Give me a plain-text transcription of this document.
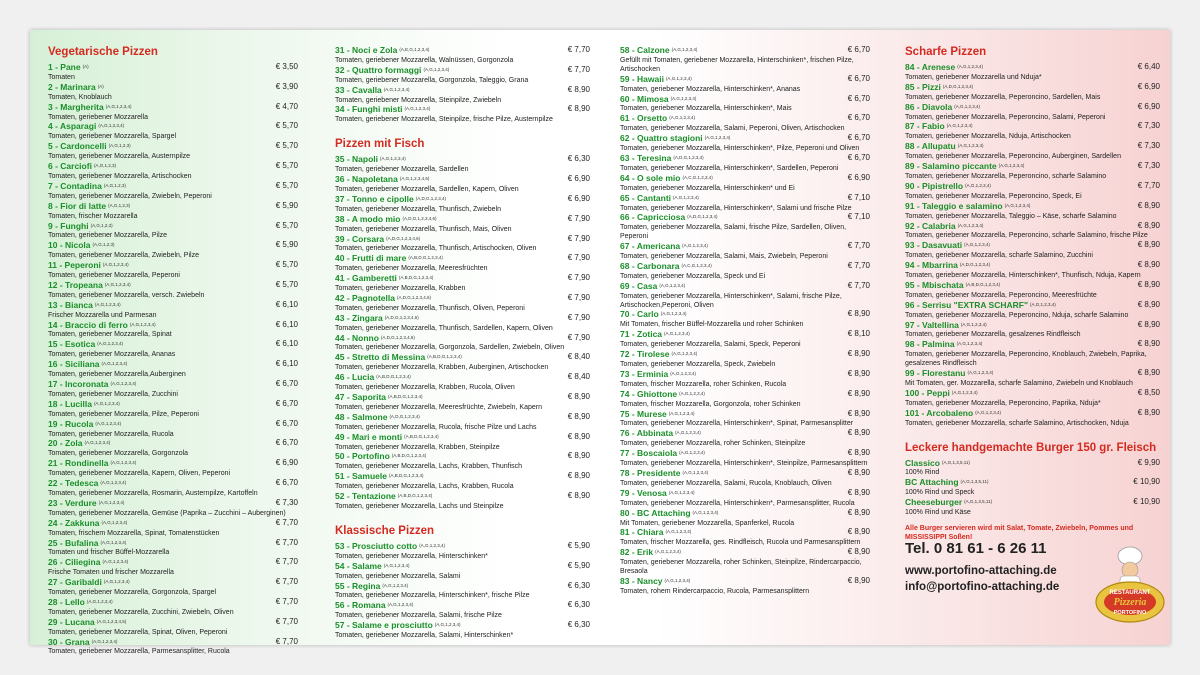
Vegetarische Pizzen
1 - Pane $^{(A)}$	€ 3,50
Tomaten
2 - Marinara $^{(A)}$	€ 3,90
Tomaten, Knoblauch
3 - Margherita $^{(A,G,1,2,3,4)}$	€ 4,70
Tomaten, geriebener Mozzarella
4 - Asparagi $^{(A,G,1,2,3,4)}$	€ 5,70
Tomaten, geriebener Mozzarella, Spargel
5 - Cardoncelli $^{(A,G,1,2,3)}$	€ 5,70
Tomaten, geriebener Mozzarella, Austernpilze
6 - Carciofi $^{(A,G,1,2,3)}$	€ 5,70
Tomaten, geriebener Mozzarella, Artischocken
7 - Contadina $^{(A,G,1,2,3)}$	€ 5,70
Tomaten, geriebener Mozzarella, Zwiebeln, Peperoni
8 - Fior di latte $^{(A,G,1,2,3)}$	€ 5,90
Tomaten, frischer Mozzarella
9 - Funghi $^{(A,G,1,2,3)}$	€ 5,70
Tomaten, geriebener Mozzarella, Pilze
10 - Nicola $^{(A,G,1,2,3)}$	€ 5,90
Tomaten, geriebener Mozzarella, Zwiebeln, Pilze
11 - Peperoni $^{(A,G,1,2,3,4)}$	€ 5,70
Tomaten, geriebener Mozzarella, Peperoni
12 - Tropeana $^{(A,G,1,2,3,4)}$	€ 5,70
Tomaten, geriebener Mozzarella, versch. Zwiebeln
13 - Bianca $^{(A,G,1,2,3,4)}$	€ 6,10
Frischer Mozzarella und Parmesan
14 - Braccio di ferro $^{(A,G,1,2,3,4)}$	€ 6,10
Tomaten, geriebener Mozzarella, Spinat
15 - Esotica $^{(A,G,1,2,3,4)}$	€ 6,10
Tomaten, geriebener Mozzarella, Ananas
16 - Siciliana $^{(A,G,1,2,3,4)}$	€ 6,10
Tomaten, geriebener Mozzarella,Auberginen
17 - Incoronata $^{(A,G,1,2,3,4)}$	€ 6,70
Tomaten, geriebener Mozzarella, Zucchini
18 - Lucilla $^{(A,G,1,2,3,4)}$	€ 6,70
Tomaten, geriebener Mozzarella, Pilze, Peperoni
19 - Rucola $^{(A,G,1,2,3,4)}$	€ 6,70
Tomaten, geriebener Mozzarella, Rucola
20 - Zola $^{(A,G,1,2,3,4)}$	€ 6,70
Tomaten, geriebener Mozzarella, Gorgonzola
21 - Rondinella $^{(A,G,1,2,3,4)}$	€ 6,90
Tomaten, geriebener Mozzarella, Kapern, Oliven, Peperoni
22 - Tedesca $^{(A,G,1,2,3,4)}$	€ 6,70
Tomaten, geriebener Mozzarella, Rosmarin, Austernpilze, Kartoffeln
23 - Verdure $^{(A,G,1,2,3,4)}$	€ 7,30
Tomaten, geriebener Mozzarella, Gemüse (Paprika – Zucchini – Auberginen)
24 - Zakkuna $^{(A,G,1,2,3,4)}$	€ 7,70
Tomaten, frischem Mozzarella, Spinat, Tomatenstücken
25 - Bufalina $^{(A,G,1,2,3,4)}$	€ 7,70
Tomaten und frischer Büffel-Mozzarella
26 - Ciliegina $^{(A,G,1,2,3,4)}$	€ 7,70
Frische Tomaten und frischer Mozzarella
27 - Garibaldi $^{(A,G,1,2,3,4)}$	€ 7,70
Tomaten, geriebener Mozzarella, Gorgonzola, Spargel
28 - Lello $^{(A,G,1,2,3,4)}$	€ 7,70
Tomaten, geriebener Mozzarella, Zucchini, Zwiebeln, Oliven
29 - Lucana $^{(A,G,1,2,3,4,5)}$	€ 7,70
Tomaten, geriebener Mozzarella, Spinat, Oliven, Peperoni
30 - Grana $^{(A,G,1,2,3,4)}$	€ 7,70
Tomaten, geriebener Mozzarella, Parmesansplitter, Rucola
31 - Noci e Zola $^{(A,E,G,1,2,3,4)}$	€ 7,70
Tomaten, geriebener Mozzarella, Walnüssen, Gorgonzola
32 - Quattro formaggi $^{(A,G,1,2,3,4)}$	€ 7,70
Tomaten, geriebener Mozzarella, Gorgonzola, Taleggio, Grana
33 - Cavalla $^{(A,G,1,2,3,4)}$	€ 8,90
Tomaten, geriebener Mozzarella, Steinpilze, Zwiebeln
34 - Funghi misti $^{(A,G,1,2,3,4)}$	€ 8,90
Tomaten, geriebener Mozzarella, Steinpilze, frische Pilze, Austernpilze
Pizzen mit Fisch
35 - Napoli $^{(A,G,1,2,3,4)}$	€ 6,30
Tomaten, geriebener Mozzarella, Sardellen
36 - Napoletana $^{(A,G,1,2,3,4,6)}$	€ 6,90
Tomaten, geriebener Mozzarella, Sardellen, Kapern, Oliven
37 - Tonno e cipolle $^{(A,D,G,1,2,3,4)}$	€ 6,90
Tomaten, geriebener Mozzarella, Thunfisch, Zwiebeln
38 - A modo mio $^{(A,D,G,1,2,3,4,6)}$	€ 7,90
Tomaten, geriebener Mozzarella, Thunfisch, Mais, Oliven
39 - Corsara $^{(A,D,G,1,2,3,4,6)}$	€ 7,90
Tomaten, geriebener Mozzarella, Thunfisch, Artischocken, Oliven
40 - Frutti di mare $^{(A,B,D,G,1,2,3,4)}$	€ 7,90
Tomaten, geriebener Mozzarella, Meeresfrüchten
41 - Gamberetti $^{(A,B,D,G,1,2,3,4)}$	€ 7,90
Tomaten, geriebener Mozzarella, Krabben
42 - Pagnotella $^{(A,D,G,1,2,3,4,6)}$	€ 7,90
Tomaten, geriebener Mozzarella, Thunfisch, Oliven, Peperoni
43 - Zingara $^{(A,D,G,1,2,3,4,6)}$	€ 7,90
Tomaten, geriebener Mozzarella, Thunfisch, Sardellen, Kapern, Oliven
44 - Nonno $^{(A,D,G,1,2,3,4,6)}$	€ 7,90
Tomaten, geriebener Mozzarella, Gorgonzola, Sardellen, Zwiebeln, Oliven
45 - Stretto di Messina $^{(A,B,D,G,1,2,3,4)}$	€ 8,40
Tomaten, geriebener Mozzarella, Krabben, Auberginen, Artischocken
46 - Lucia $^{(A,B,D,G,1,2,3,4)}$	€ 8,40
Tomaten, geriebener Mozzarella, Krabben, Rucola, Oliven
47 - Saporita $^{(A,B,D,G,1,2,3,4)}$	€ 8,90
Tomaten, geriebener Mozzarella, Meeresfrüchte, Zwiebeln, Kapern
48 - Salmone $^{(A,D,G,1,2,3,4)}$	€ 8,90
Tomaten, geriebener Mozzarella, Rucola, frische Pilze und Lachs
49 - Mari e monti $^{(A,B,D,G,1,2,3,4)}$	€ 8,90
Tomaten, geriebener Mozzarella, Krabben, Steinpilze
50 - Portofino $^{(A,B,D,G,1,2,3,4)}$	€ 8,90
Tomaten, geriebener Mozzarella, Lachs, Krabben, Thunfisch
51 - Samuele $^{(A,B,D,G,1,2,3,4)}$	€ 8,90
Tomaten, geriebener Mozzarella, Lachs, Krabben, Rucola
52 - Tentazione $^{(A,B,D,G,1,2,3,4)}$	€ 8,90
Tomaten, geriebener Mozzarella, Lachs und Steinpilze
Klassische Pizzen
53 - Prosciutto cotto $^{(A,G,1,2,3,4)}$	€ 5,90
Tomaten, geriebener Mozzarella, Hinterschinken*
54 - Salame $^{(A,G,1,2,3,4)}$	€ 5,90
Tomaten, geriebener Mozzarella, Salami
55 - Regina $^{(A,G,1,2,3,4)}$	€ 6,30
Tomaten, geriebener Mozzarella, Hinterschinken*, frische Pilze
56 - Romana $^{(A,G,1,2,3,4)}$	€ 6,30
Tomaten, geriebener Mozzarella, Salami, frische Pilze
57 - Salame e prosciutto $^{(A,G,1,2,3,4)}$	€ 6,30
Tomaten, geriebener Mozzarella, Salami, Hinterschinken*
58 - Calzone $^{(A,G,1,2,3,4)}$	€ 6,70
Gefüllt mit Tomaten, geriebener Mozzarella, Hinterschinken*, frischen Pilze, Artischocken
59 - Hawaii $^{(A,G,1,2,3,4)}$	€ 6,70
Tomaten, geriebener Mozzarella, Hinterschinken*, Ananas
60 - Mimosa $^{(A,G,1,2,3,4)}$	€ 6,70
Tomaten, geriebener Mozzarella, Hinterschinken*, Mais
61 - Orsetto $^{(A,G,1,2,3,4)}$	€ 6,70
Tomaten, geriebener Mozzarella, Salami, Peperoni, Oliven, Artischocken
62 - Quattro stagioni $^{(A,G,1,2,3,4)}$	€ 6,70
Tomaten, geriebener Mozzarella, Hinterschinken*, Pilze, Peperoni und Oliven
63 - Teresina $^{(A,D,G,1,2,3,4)}$	€ 6,70
Tomaten, geriebener Mozzarella, Hinterschinken*, Sardellen, Peperoni
64 - O sole mio $^{(A,C,G,1,2,3,4)}$	€ 6,90
Tomaten, geriebener Mozzarella, Hinterschinken* und Ei
65 - Cantanti $^{(A,G,1,2,3,4)}$	€ 7,10
Tomaten, geriebener Mozzarella, Hinterschinken*, Salami und frische Pilze
66 - Capricciosa $^{(A,D,G,1,2,3,4)}$	€ 7,10
Tomaten, geriebener Mozzarella, Salami, frische Pilze, Sardellen, Oliven, Peperoni
67 - Americana $^{(A,G,1,2,3,4)}$	€ 7,70
Tomaten, geriebener Mozzarella, Salami, Mais, Zwiebeln, Peperoni
68 - Carbonara $^{(A,C,G,1,2,3,4)}$	€ 7,70
Tomaten, geriebener Mozzarella, Speck und Ei
69 - Casa $^{(A,G,1,2,3,4)}$	€ 7,70
Tomaten, geriebener Mozzarella, Hinterschinken*, Salami, frische Pilze, Artischocken,Peperoni, Oliven
70 - Carlo $^{(A,G,1,2,3,4)}$	€ 8,90
Mit Tomaten, frischer Büffel-Mozzarella und roher Schinken
71 - Zotica $^{(A,G,1,2,3,4)}$	€ 8,10
Tomaten, geriebener Mozzarella, Salami, Speck, Peperoni
72 - Tirolese $^{(A,G,1,2,3,4)}$	€ 8,90
Tomaten, geriebener Mozzarella, Speck, Zwiebeln
73 - Erminia $^{(A,G,1,2,3,4)}$	€ 8,90
Tomaten, frischer Mozzarella, roher Schinken, Rucola
74 - Ghiottone $^{(A,G,1,2,3,4)}$	€ 8,90
Tomaten, frischer Mozzarella, Gorgonzola, roher Schinken
75 - Murese $^{(A,G,1,2,3,4)}$	€ 8,90
Tomaten, geriebener Mozzarella, Hinterschinken*, Spinat, Parmesansplitter
76 - Abbinata $^{(A,G,1,2,3,4)}$	€ 8,90
Tomaten, geriebener Mozzarella, roher Schinken, Steinpilze
77 - Boscaiola $^{(A,G,1,2,3,4)}$	€ 8,90
Tomaten, geriebener Mozzarella, Hinterschinken*, Steinpilze, Parmesansplittern
78 - Presidente $^{(A,G,1,2,3,4)}$	€ 8,90
Tomaten, geriebener Mozzarella, Salami, Rucola, Knoblauch, Oliven
79 - Venosa $^{(A,G,1,2,3,4)}$	€ 8,90
Tomaten, geriebener Mozzarella, Hinterschinken*, Parmesansplitter, Rucola
80 - BC Attaching $^{(A,G,1,2,3,4)}$	€ 8,90
Mit Tomaten, geriebener Mozzarella, Spanferkel, Rucola
81 - Chiara $^{(A,G,1,2,3,4)}$	€ 8,90
Tomaten, frischer Mozzarella, ges. Rindfleisch, Rucola und Parmesansplittern
82 - Erik $^{(A,G,1,2,3,4)}$	€ 8,90
Tomaten, geriebener Mozzarella, roher Schinken, Steinpilze, Rindercarpaccio, Bresaola
83 - Nancy $^{(A,G,1,2,3,4)}$	€ 8,90
Tomaten, rohem Rindercarpaccio, Rucola, Parmesansplittern
Scharfe Pizzen
84 - Arenese $^{(A,G,1,2,3,4)}$	€ 6,40
Tomaten, geriebener Mozzarella und Nduja*
85 - Pizzi $^{(A,D,G,1,2,3,4)}$	€ 6,90
Tomaten, geriebener Mozzarella, Peperoncino, Sardellen, Mais
86 - Diavola $^{(A,G,1,2,3,4)}$	€ 6,90
Tomaten, geriebener Mozzarella, Peperoncino, Salami, Peperoni
87 - Fabio $^{(A,G,1,2,3,4)}$	€ 7,30
Tomaten, geriebener Mozzarella, Nduja, Artischocken
88 - Allupatu $^{(A,G,1,2,3,4)}$	€ 7,30
Tomaten, geriebener Mozzarella, Peperoncino, Auberginen, Sardellen
89 - Salamino piccante $^{(A,G,1,2,3,4)}$	€ 7,30
Tomaten, geriebener Mozzarella, Peperoncino, scharfe Salamino
90 - Pipistrello $^{(A,G,1,2,3,4)}$	€ 7,70
Tomaten, geriebener Mozzarella, Peperoncino, Speck, Ei
91 - Taleggio e salamino $^{(A,G,1,2,3,4)}$	€ 8,90
Tomaten, geriebener Mozzarella, Taleggio – Käse, scharfe Salamino
92 - Calabria $^{(A,G,1,2,3,4)}$	€ 8,90
Tomaten, geriebener Mozzarella, Peperoncino, scharfe Salamino, frische Pilze
93 - Dasavuati $^{(A,G,1,2,3,4)}$	€ 8,90
Tomaten, geriebener Mozzarella, scharfe Salamino, Zucchini
94 - Mbarrina $^{(A,D,G,1,2,3,4)}$	€ 8,90
Tomaten, geriebener Mozzarella, Hinterschinken*, Thunfisch, Nduja, Kapern
95 - Mbischata $^{(A,B,D,G,1,2,3,4)}$	€ 8,90
Tomaten, geriebener Mozzarella, Peperoncino, Meeresfrüchte
96 - Serrisu "EXTRA SCHARF" $^{(A,G,1,2,3,4)}$	€ 8,90
Tomaten, geriebener Mozzarella, Peperoncino, Nduja, scharfe Salamino
97 - Valtellina $^{(A,G,1,2,3,4)}$	€ 8,90
Tomaten, geriebener Mozzarella, gesalzenes Rindfleisch
98 - Palmina $^{(A,G,1,2,3,4)}$	€ 8,90
Tomaten, geriebener Mozzarella, Peperoncino, Knoblauch, Zwiebeln, Paprika, gesalzenes Rindfleisch
99 - Florestanu $^{(A,G,1,2,3,4)}$	€ 8,90
Mit Tomaten, ger. Mozzarella, scharfe Salamino, Zwiebeln und Knoblauch
100 - Peppi $^{(A,G,1,2,3,4)}$	€ 8,50
Tomaten, geriebener Mozzarella, Peperoncino, Paprika, Nduja*
101 - Arcobaleno $^{(A,G,1,2,3,4)}$	€ 8,90
Tomaten, geriebener Mozzarella, scharfe Salamino, Artischocken, Nduja
Leckere handgemachte Burger 150 gr. Fleisch
Classico $^{(A,G,1,3,5,11)}$	€ 9,90
100% Rind
BC Attaching $^{(A,G,1,3,5,11)}$	€ 10,90
100% Rind und Speck
Cheeseburger $^{(A,G,1,3,5,11)}$	€ 10,90
100% Rind und Käse
Alle Burger servieren wird mit Salat, Tomate, Zwiebeln, Pommes und MISSISSIPPI Soßen!
Tel. 0 81 61 - 6 26 11
www.portofino-attaching.de
info@portofino-attaching.de	RESTAURANT
Pizzeria
PORTOFINO
